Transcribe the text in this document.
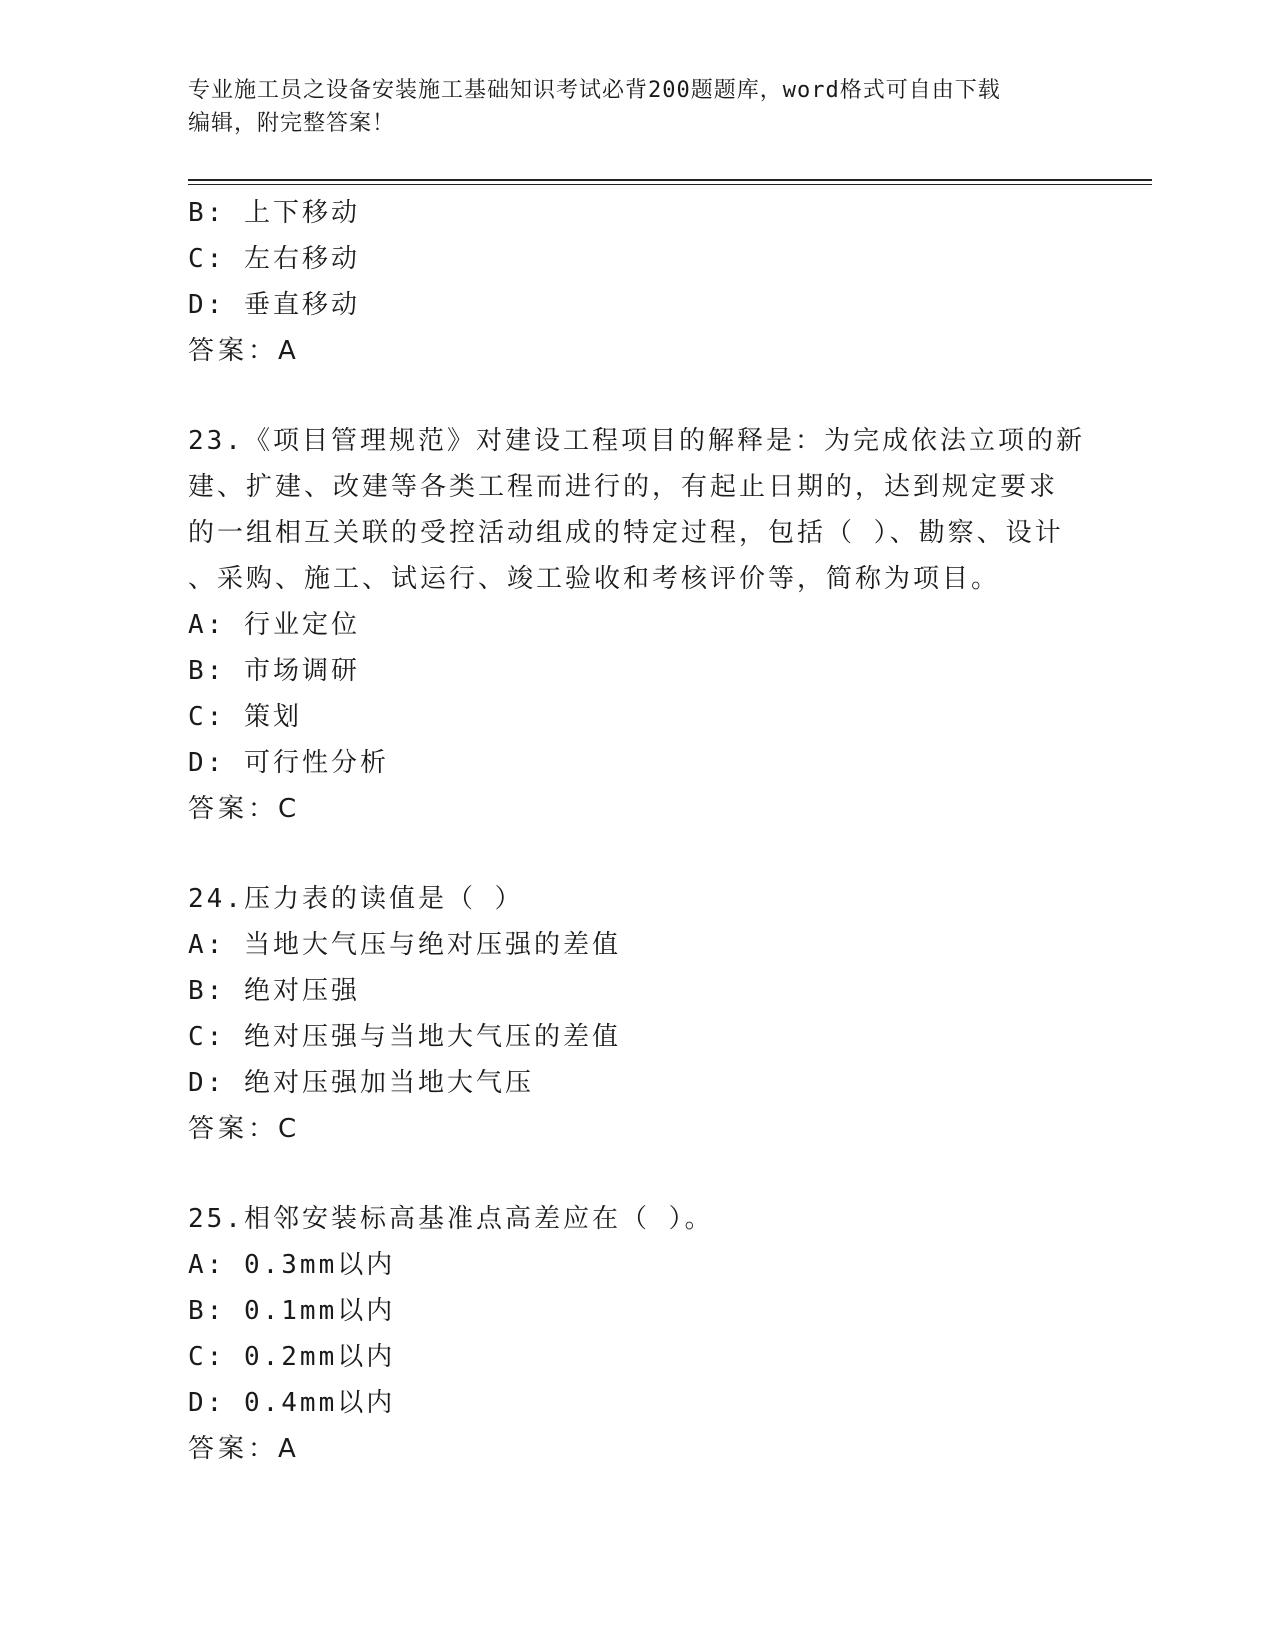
专业施工员之设备安装施工基础知识考试必背200题题库，word格式可自由下载
编辑，附完整答案！
B: 上下移动
C: 左右移动
D: 垂直移动
答案：A
23.《项目管理规范》对建设工程项目的解释是：为完成依法立项的新
建、扩建、改建等各类工程而进行的，有起止日期的，达到规定要求
的一组相互关联的受控活动组成的特定过程，包括（ ）、勘察、设计
、采购、施工、试运行、竣工验收和考核评价等，简称为项目。
A: 行业定位
B: 市场调研
C: 策划
D: 可行性分析
答案：C
24.压力表的读值是（ ）
A: 当地大气压与绝对压强的差值
B: 绝对压强
C: 绝对压强与当地大气压的差值
D: 绝对压强加当地大气压
答案：C
25.相邻安装标高基准点高差应在（ ）。
A: 0.3mm以内
B: 0.1mm以内
C: 0.2mm以内
D: 0.4mm以内
答案：A
